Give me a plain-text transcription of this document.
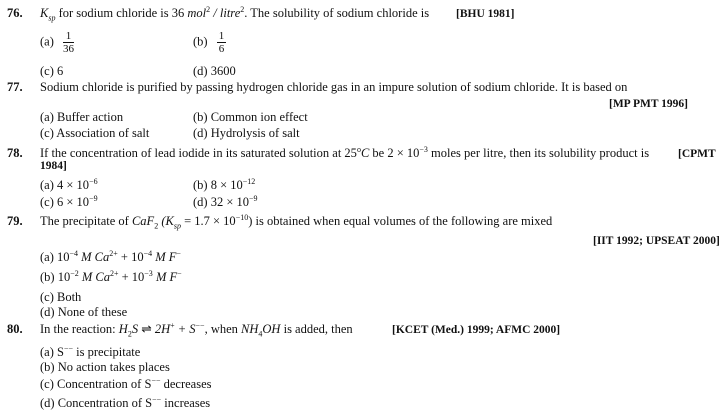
76. $K_{sp}$ for sodium chloride is 36 mol$^2$ / litre$^2$. The solubility of sodium chloride is [BHU 1981]
$(a) \frac{1}{36}$	$(b) \frac{1}{6}$
(c) 6	(d) 3600
77. Sodium chloride is purified by passing hydrogen chloride gas in an impure solution of sodium chloride. It is based on
[MP PMT 1996]
(a) Buffer action	(b) Common ion effect
(c) Association of salt	(d) Hydrolysis of salt
78. If the concentration of lead iodide in its saturated solution at 25$^o$C be $2 \times 10^{-3}$ moles per litre, then its solubility product is	[CPMT
1984]
(a) $4 \times 10^{-6}$	(b) $8 \times 10^{-12}$
(c) $6 \times 10^{-9}$	(d) $32 \times 10^{-9}$
79. The precipitate of CaF$_2$ $(K_{sp} = 1.7 \times 10^{-10})$ is obtained when equal volumes of the following are mixed
[IIT 1992; UPSEAT 2000]
(a) $10^{-4}$ M $Ca^{2+} + 10^{-4}$ M F−
(b) $10^{-2}$ M $Ca^{2+} + 10^{-3}$ M F−
(c) Both
(d) None of these
80. In the reaction: $H_2S$ ⇌ 2H+ + S−−, when $NH_4OH$ is added, then	[KCET (Med.) 1999; AFMC 2000]
(a) S−− is precipitate
(b) No action takes places
(c) Concentration of S−− decreases
(d) Concentration of S−− increases
